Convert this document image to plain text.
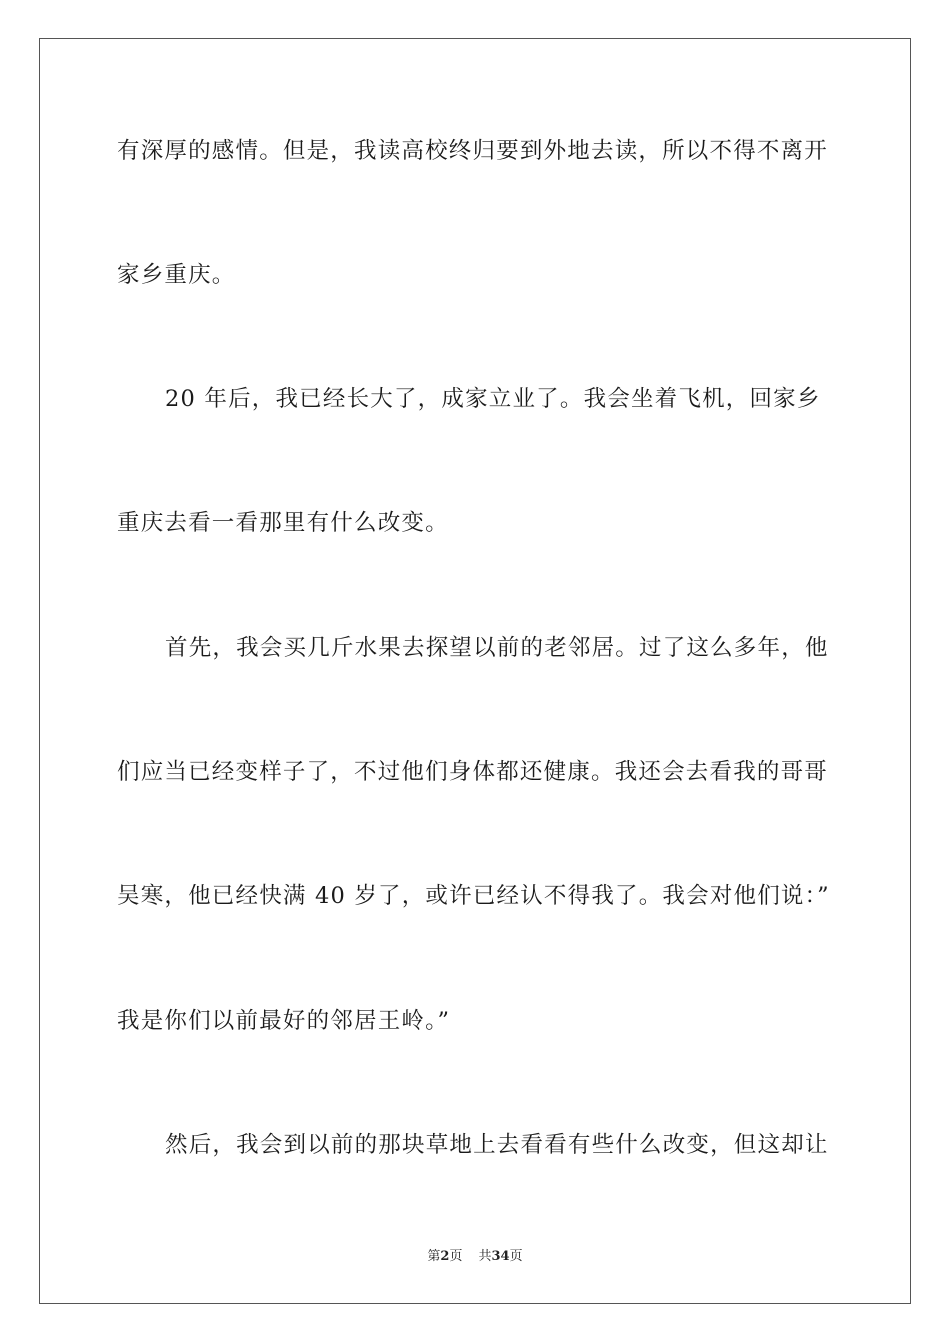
有深厚的感情。但是，我读高校终归要到外地去读，所以不得不离开
家乡重庆。
20 年后，我已经长大了，成家立业了。我会坐着飞机，回家乡
重庆去看一看那里有什么改变。
首先，我会买几斤水果去探望以前的老邻居。过了这么多年，他
们应当已经变样子了，不过他们身体都还健康。我还会去看我的哥哥
吴寒，他已经快满 40 岁了，或许已经认不得我了。我会对他们说：”
我是你们以前最好的邻居王岭。”
然后，我会到以前的那块草地上去看看有些什么改变，但这却让
第2页 共34页
